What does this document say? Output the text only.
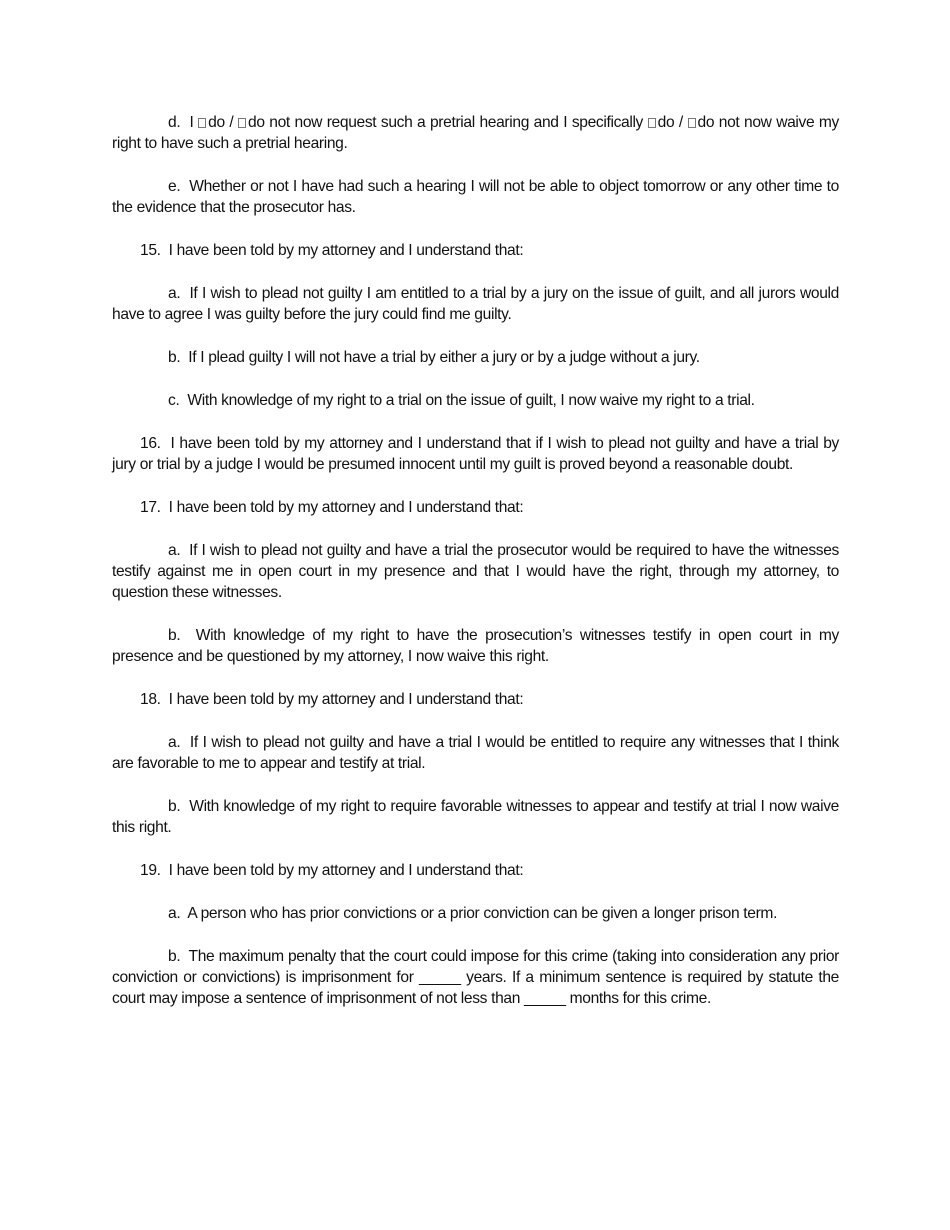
d. I do / do not now request such a pretrial hearing and I specifically do / do not now waive my right to have such a pretrial hearing.

e. Whether or not I have had such a hearing I will not be able to object tomorrow or any other time to the evidence that the prosecutor has.

15. I have been told by my attorney and I understand that:

a. If I wish to plead not guilty I am entitled to a trial by a jury on the issue of guilt, and all jurors would have to agree I was guilty before the jury could find me guilty.

b. If I plead guilty I will not have a trial by either a jury or by a judge without a jury.

c. With knowledge of my right to a trial on the issue of guilt, I now waive my right to a trial.

16. I have been told by my attorney and I understand that if I wish to plead not guilty and have a trial by jury or trial by a judge I would be presumed innocent until my guilt is proved beyond a reasonable doubt.

17. I have been told by my attorney and I understand that:

a. If I wish to plead not guilty and have a trial the prosecutor would be required to have the witnesses testify against me in open court in my presence and that I would have the right, through my attorney, to question these witnesses.

b. With knowledge of my right to have the prosecution’s witnesses testify in open court in my presence and be questioned by my attorney, I now waive this right.

18. I have been told by my attorney and I understand that:

a. If I wish to plead not guilty and have a trial I would be entitled to require any witnesses that I think are favorable to me to appear and testify at trial.

b. With knowledge of my right to require favorable witnesses to appear and testify at trial I now waive this right.

19. I have been told by my attorney and I understand that:

a. A person who has prior convictions or a prior conviction can be given a longer prison term.

b. The maximum penalty that the court could impose for this crime (taking into consideration any prior conviction or convictions) is imprisonment for _____ years. If a minimum sentence is required by statute the court may impose a sentence of imprisonment of not less than _____ months for this crime.
